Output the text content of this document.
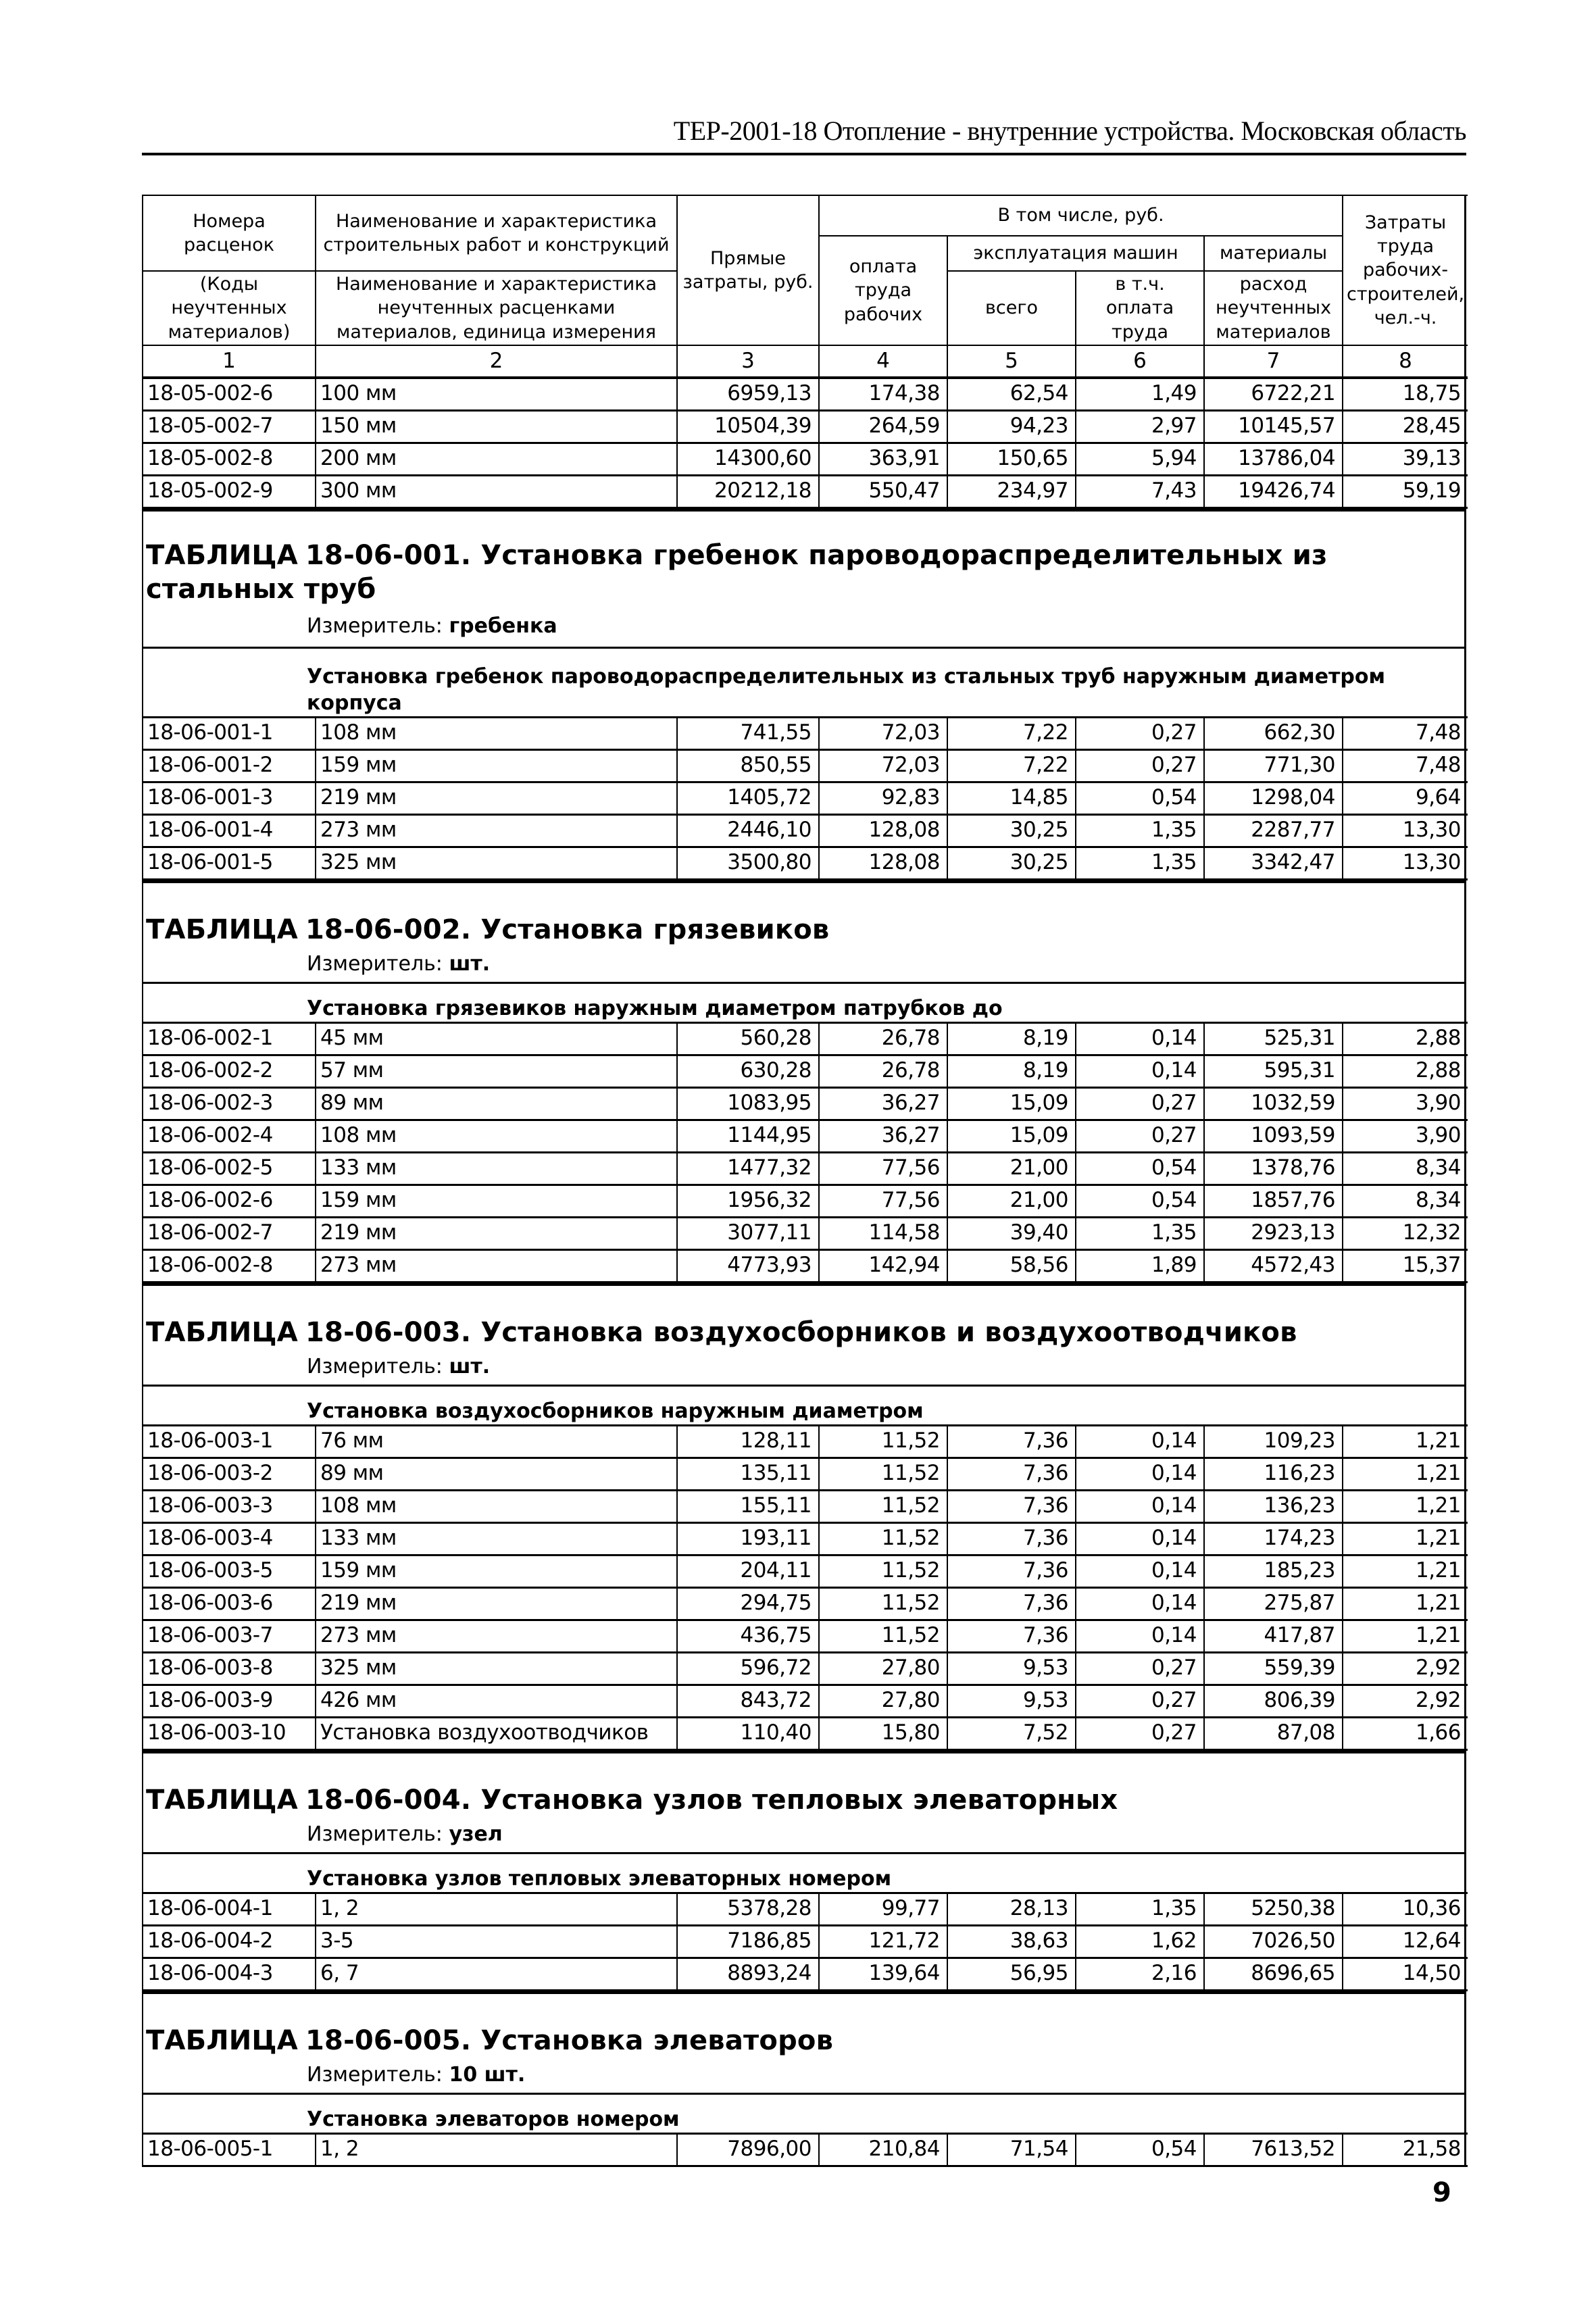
ТЕР-2001-18 Отопление - внутренние устройства. Московская область
Номера расценок	Наименование и характеристика строительных работ и конструкций	Прямые затраты, руб.	В том числе, руб.				Затраты труда рабочих-строителей, чел.-ч.
			оплата труда рабочих	эксплуатация машин		материалы	
(Коды неучтенных материалов)	Наименование и характеристика неучтенных расценками материалов, единица измерения			всего	в т.ч. оплата труда	расход неучтенных материалов	

1	2	3	4	5	6	7	8
18-05-002-6	100 мм	6959,13	174,38	62,54	1,49	6722,21	18,75
18-05-002-7	150 мм	10504,39	264,59	94,23	2,97	10145,57	28,45
18-05-002-8	200 мм	14300,60	363,91	150,65	5,94	13786,04	39,13
18-05-002-9	300 мм	20212,18	550,47	234,97	7,43	19426,74	59,19
ТАБЛИЦА 18-06-001. Установка гребенок пароводораспределительных из стальных труб
Измеритель: гребенка
Установка гребенок пароводораспределительных из стальных труб наружным диаметром корпуса
18-06-001-1	108 мм	741,55	72,03	7,22	0,27	662,30	7,48
18-06-001-2	159 мм	850,55	72,03	7,22	0,27	771,30	7,48
18-06-001-3	219 мм	1405,72	92,83	14,85	0,54	1298,04	9,64
18-06-001-4	273 мм	2446,10	128,08	30,25	1,35	2287,77	13,30
18-06-001-5	325 мм	3500,80	128,08	30,25	1,35	3342,47	13,30
ТАБЛИЦА 18-06-002. Установка грязевиков
Измеритель: шт.
Установка грязевиков наружным диаметром патрубков до
18-06-002-1	45 мм	560,28	26,78	8,19	0,14	525,31	2,88
18-06-002-2	57 мм	630,28	26,78	8,19	0,14	595,31	2,88
18-06-002-3	89 мм	1083,95	36,27	15,09	0,27	1032,59	3,90
18-06-002-4	108 мм	1144,95	36,27	15,09	0,27	1093,59	3,90
18-06-002-5	133 мм	1477,32	77,56	21,00	0,54	1378,76	8,34
18-06-002-6	159 мм	1956,32	77,56	21,00	0,54	1857,76	8,34
18-06-002-7	219 мм	3077,11	114,58	39,40	1,35	2923,13	12,32
18-06-002-8	273 мм	4773,93	142,94	58,56	1,89	4572,43	15,37
ТАБЛИЦА 18-06-003. Установка воздухосборников и воздухоотводчиков
Измеритель: шт.
Установка воздухосборников наружным диаметром
18-06-003-1	76 мм	128,11	11,52	7,36	0,14	109,23	1,21
18-06-003-2	89 мм	135,11	11,52	7,36	0,14	116,23	1,21
18-06-003-3	108 мм	155,11	11,52	7,36	0,14	136,23	1,21
18-06-003-4	133 мм	193,11	11,52	7,36	0,14	174,23	1,21
18-06-003-5	159 мм	204,11	11,52	7,36	0,14	185,23	1,21
18-06-003-6	219 мм	294,75	11,52	7,36	0,14	275,87	1,21
18-06-003-7	273 мм	436,75	11,52	7,36	0,14	417,87	1,21
18-06-003-8	325 мм	596,72	27,80	9,53	0,27	559,39	2,92
18-06-003-9	426 мм	843,72	27,80	9,53	0,27	806,39	2,92
18-06-003-10	Установка воздухоотводчиков	110,40	15,80	7,52	0,27	87,08	1,66
ТАБЛИЦА 18-06-004. Установка узлов тепловых элеваторных
Измеритель: узел
Установка узлов тепловых элеваторных номером
18-06-004-1	1, 2	5378,28	99,77	28,13	1,35	5250,38	10,36
18-06-004-2	3-5	7186,85	121,72	38,63	1,62	7026,50	12,64
18-06-004-3	6, 7	8893,24	139,64	56,95	2,16	8696,65	14,50
ТАБЛИЦА 18-06-005. Установка элеваторов
Измеритель: 10 шт.
Установка элеваторов номером
18-06-005-1	1, 2	7896,00	210,84	71,54	0,54	7613,52	21,58
9
